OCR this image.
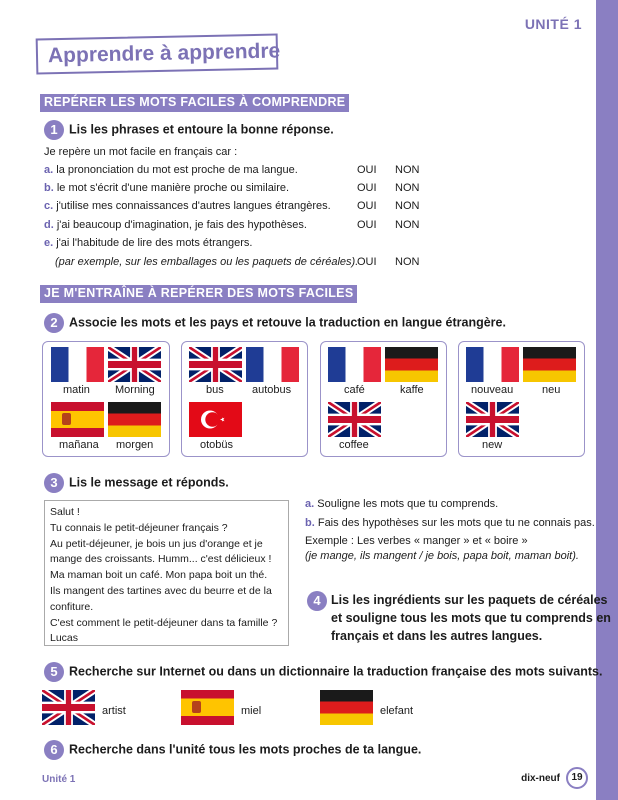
UNITÉ 1
Apprendre à apprendre
REPÉRER LES MOTS FACILES À COMPRENDRE
1 Lis les phrases et entoure la bonne réponse.
Je repère un mot facile en français car :
a. la prononciation du mot est proche de ma langue.	OUI NON
b. le mot s'écrit d'une manière proche ou similaire.	OUI NON
c. j'utilise mes connaissances d'autres langues étrangères. OUI NON
d. j'ai beaucoup d'imagination, je fais des hypothèses.	OUI NON
e. j'ai l'habitude de lire des mots étrangers.
(par exemple, sur les emballages ou les paquets de céréales).
OUI NON
JE M'ENTRAÎNE À REPÉRER DES MOTS FACILES
2 Associe les mots et les pays et retouve la traduction en langue étrangère.
matin Morning
mañana morgen
bus	autobus
otobüs
café	kaffe
coffee
nouveau	neu
new
3 Lis le message et réponds.
Salut !
Tu connais le petit-déjeuner français ?
Au petit-déjeuner, je bois un jus d'orange et je
mange des croissants. Humm... c'est délicieux !
Ma maman boit un café. Mon papa boit un thé.
Ils mangent des tartines avec du beurre et de la
confiture.
C'est comment le petit-déjeuner dans ta famille ?
Lucas
a. Souligne les mots que tu comprends.
b. Fais des hypothèses sur les mots que tu ne connais pas.
Exemple : Les verbes « manger » et « boire »
(je mange, ils mangent / je bois, papa boit, maman boit).
4 Lis les ingrédients sur les paquets de céréales
et souligne tous les mots que tu comprends en
français et dans les autres langues.
5 Recherche sur Internet ou dans un dictionnaire la traduction française des mots suivants.
artist	miel	elefant
6 Recherche dans l'unité tous les mots proches de ta langue.
Unité 1	dix-neuf	19
